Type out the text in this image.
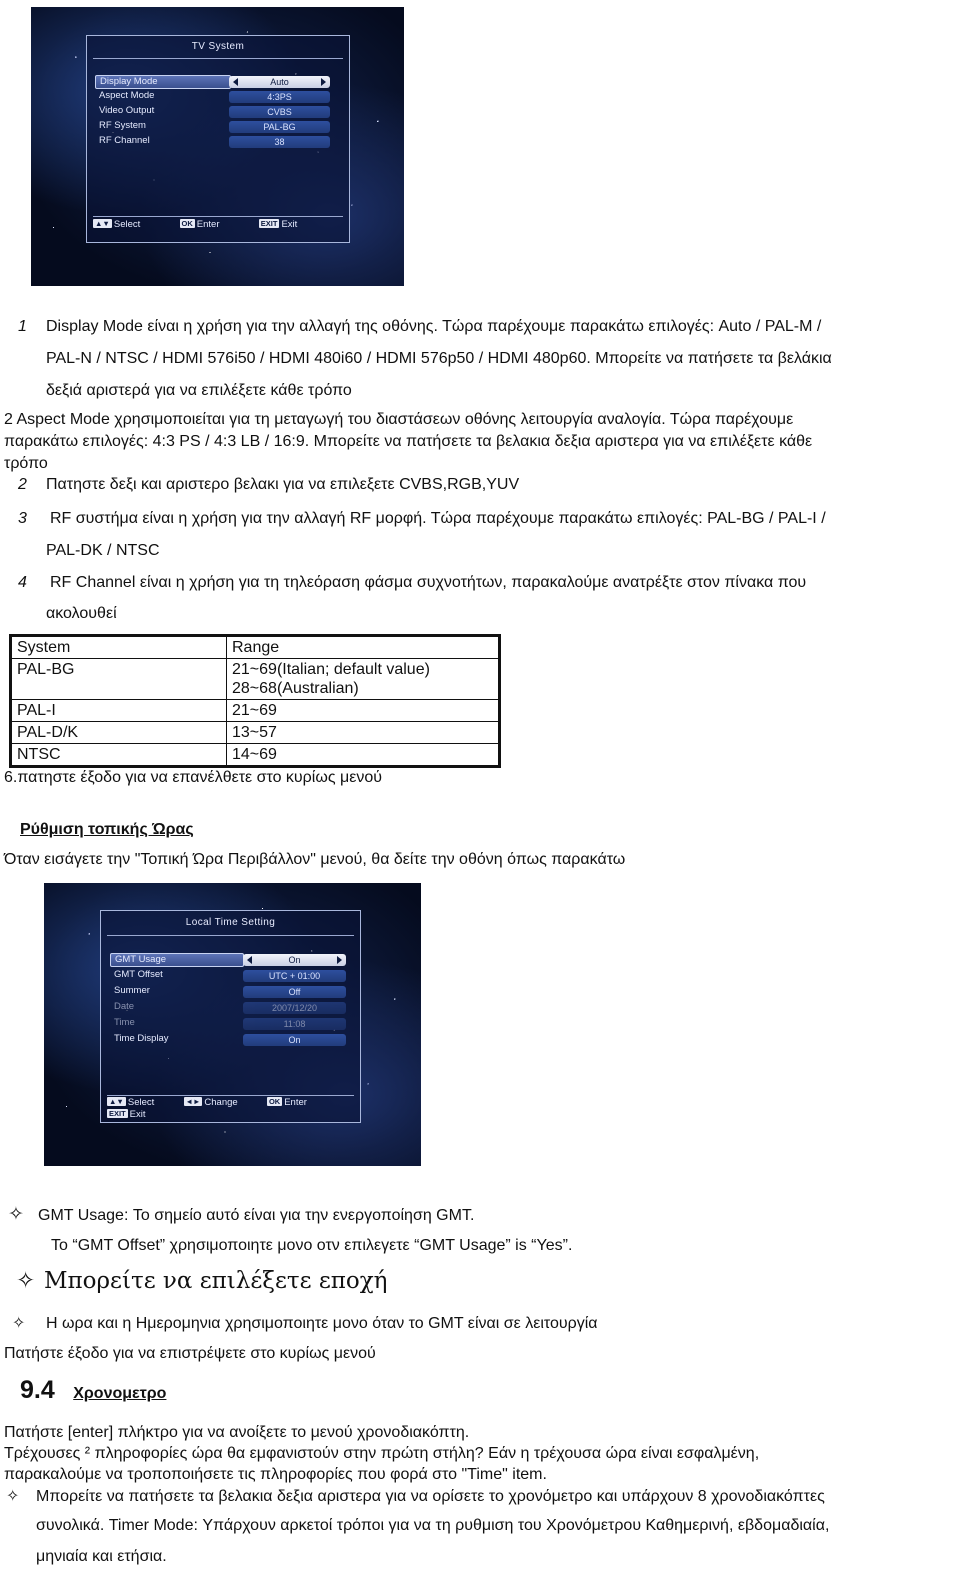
TV System
Display Mode	Auto
Aspect Mode	4:3PS
Video Output	CVBS
RF System	PAL-BG
RF Channel	38
▲▼ Select	OK Enter	EXIT Exit
1 Display Mode είναι η χρήση για την αλλαγή της οθόνης. Τώρα παρέχουμε παρακάτω επιλογές: Auto / PAL-M /
PAL-N / NTSC / HDMI 576i50 / HDMI 480i60 / HDMI 576p50 / HDMI 480p60. Μπορείτε να πατήσετε τα βελάκια
δεξιά αριστερά για να επιλέξετε κάθε τρόπο
2 Aspect Mode χρησιμοποιείται για τη μεταγωγή του διαστάσεων οθόνης λειτουργία αναλογία. Τώρα παρέχουμε
παρακάτω επιλογές: 4:3 PS / 4:3 LB / 16:9. Μπορείτε να πατήσετε τα βελακια δεξια αριστερα για να επιλέξετε κάθε
τρόπο
2 Πατηστε δεξι και αριστερο βελακι για να επιλεξετε CVBS,RGB,YUV
3 RF συστήμα είναι η χρήση για την αλλαγή RF μορφή. Τώρα παρέχουμε παρακάτω επιλογές: PAL-BG / PAL-I /
PAL-DK / NTSC
4 RF Channel είναι η χρήση για τη τηλεόραση φάσμα συχνοτήτων, παρακαλούμε ανατρέξτε στον πίνακα που
ακολουθεί
System	Range
PAL-BG	21~69(Italian; default value)
28~68(Australian)
PAL-I	21~69
PAL-D/K	13~57
NTSC	14~69
6.πατηστε έξοδο για να επανέλθετε στο κυρίως μενού
Ρύθμιση τοπικής Ώρας
Όταν εισάγετε την "Τοπική Ώρα Περιβάλλον" μενού, θα δείτε την οθόνη όπως παρακάτω
Local Time Setting
GMT Usage	On
GMT Offset	UTC + 01:00
Summer	Off
Date	2007/12/20
Time	11:08
Time Display	On
▲▼ Select	◄► Change	OK Enter
EXIT Exit
✧ GMT Usage: Το σημείο αυτό είναι για την ενεργοποίηση GMT.
Το “GMT Offset” χρησιμοποιητε μονο οτν επιλεγετε “GMT Usage” is “Yes”.
✧ Μπορείτε να επιλέξετε εποχή
✧ Η ωρα και η Ημερομηνια χρησιμοποιητε μονο όταν το GMT είναι σε λειτουργία
Πατήστε έξοδο για να επιστρέψετε στο κυρίως μενού
9.4 Χρονομετρο
Πατήστε [enter] πλήκτρο για να ανοίξετε το μενού χρονοδιακόπτη.
Τρέχουσες ² πληροφορίες ώρα θα εμφανιστούν στην πρώτη στήλη? Εάν η τρέχουσα ώρα είναι εσφαλμένη,
παρακαλούμε να τροποποιήσετε τις πληροφορίες που φορά στο "Time" item.
✧ Μπορείτε να πατήσετε τα βελακια δεξια αριστερα για να ορίσετε το χρονόμετρο και υπάρχουν 8 χρονοδιακόπτες
συνολικά. Timer Mode: Υπάρχουν αρκετοί τρόποι για να τη ρυθμιση του Χρονόμετρου Καθημερινή, εβδομαδιαία,
μηνιαία και ετήσια.
